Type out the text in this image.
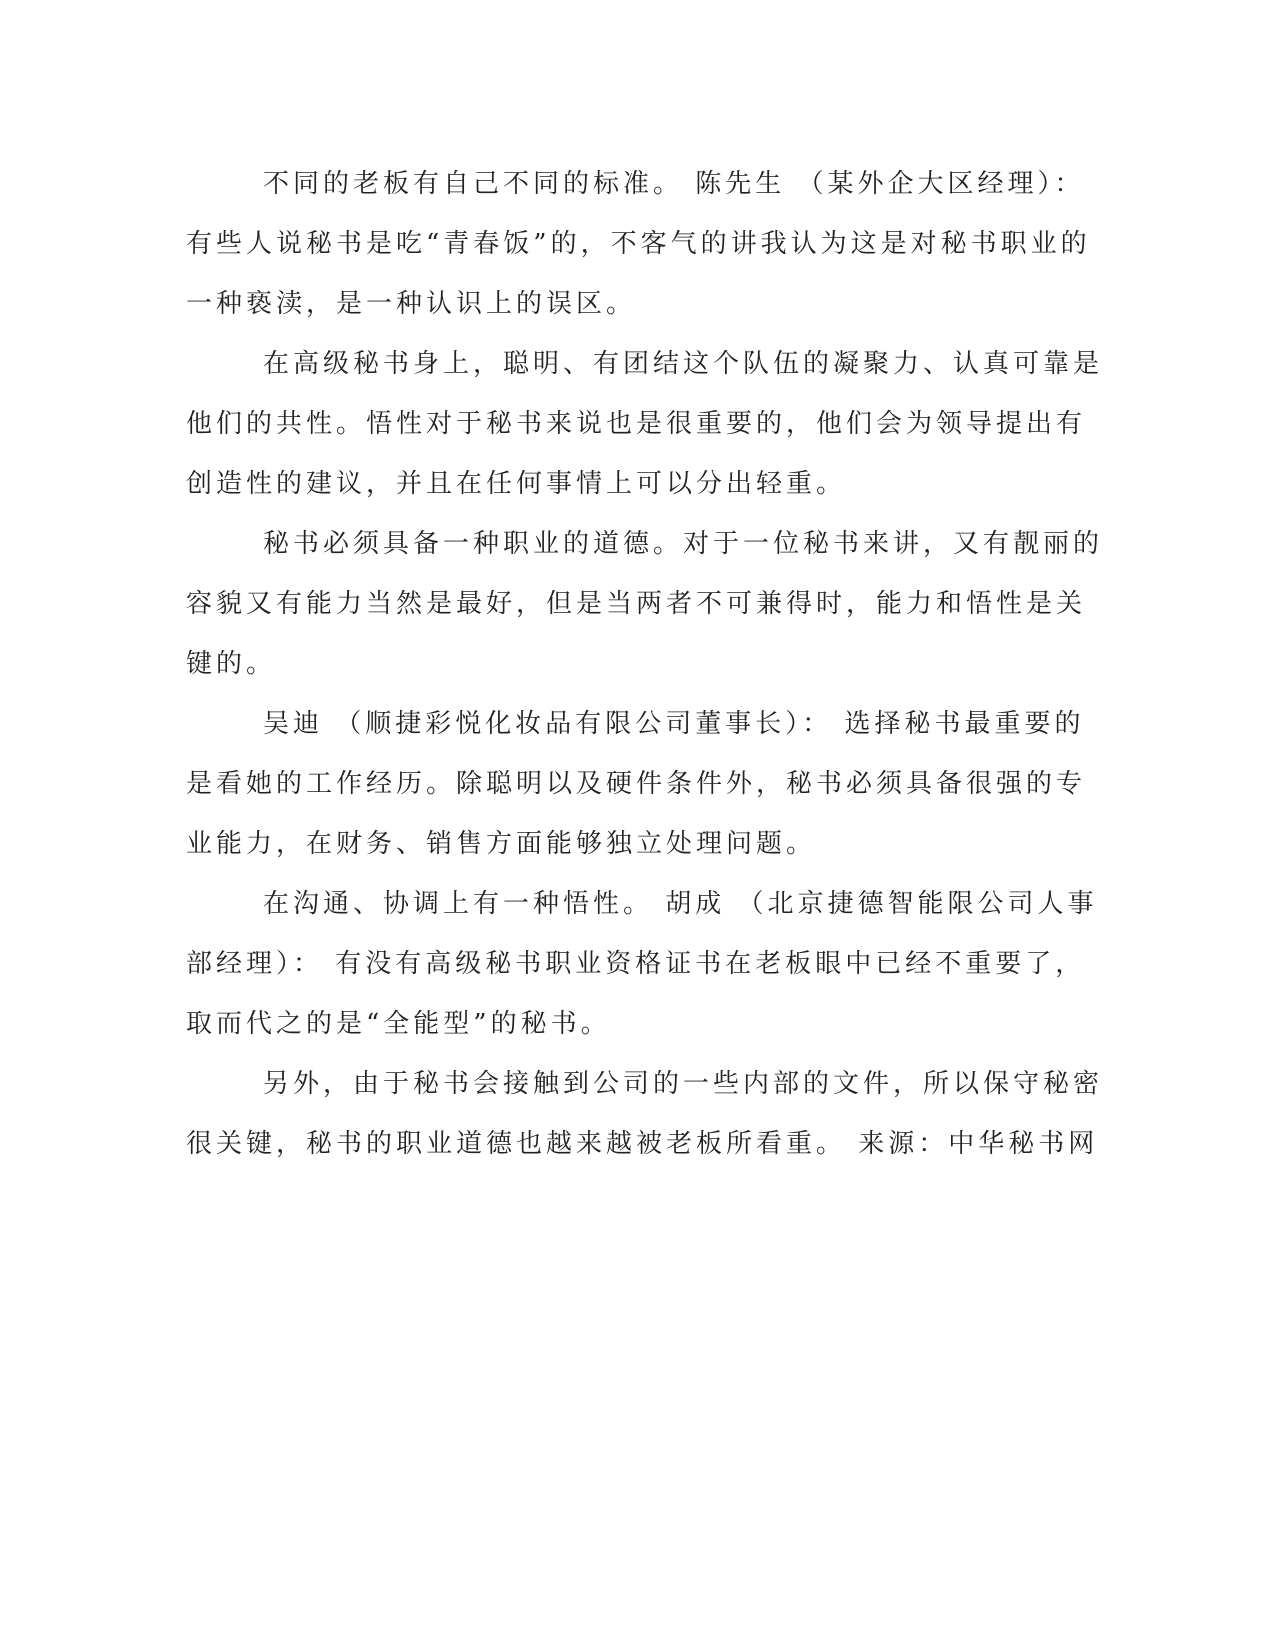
不同的老板有自己不同的标准。 陈先生 （某外企大区经理）：
有些人说秘书是吃“青春饭”的，不客气的讲我认为这是对秘书职业的
一种亵渎，是一种认识上的误区。
在高级秘书身上，聪明、有团结这个队伍的凝聚力、认真可靠是
他们的共性。悟性对于秘书来说也是很重要的，他们会为领导提出有
创造性的建议，并且在任何事情上可以分出轻重。
秘书必须具备一种职业的道德。对于一位秘书来讲，又有靓丽的
容貌又有能力当然是最好，但是当两者不可兼得时，能力和悟性是关
键的。
吴迪 （顺捷彩悦化妆品有限公司董事长）： 选择秘书最重要的
是看她的工作经历。除聪明以及硬件条件外，秘书必须具备很强的专
业能力，在财务、销售方面能够独立处理问题。
在沟通、协调上有一种悟性。 胡成 （北京捷德智能限公司人事
部经理）： 有没有高级秘书职业资格证书在老板眼中已经不重要了，
取而代之的是“全能型”的秘书。
另外，由于秘书会接触到公司的一些内部的文件，所以保守秘密
很关键，秘书的职业道德也越来越被老板所看重。 来源：中华秘书网
